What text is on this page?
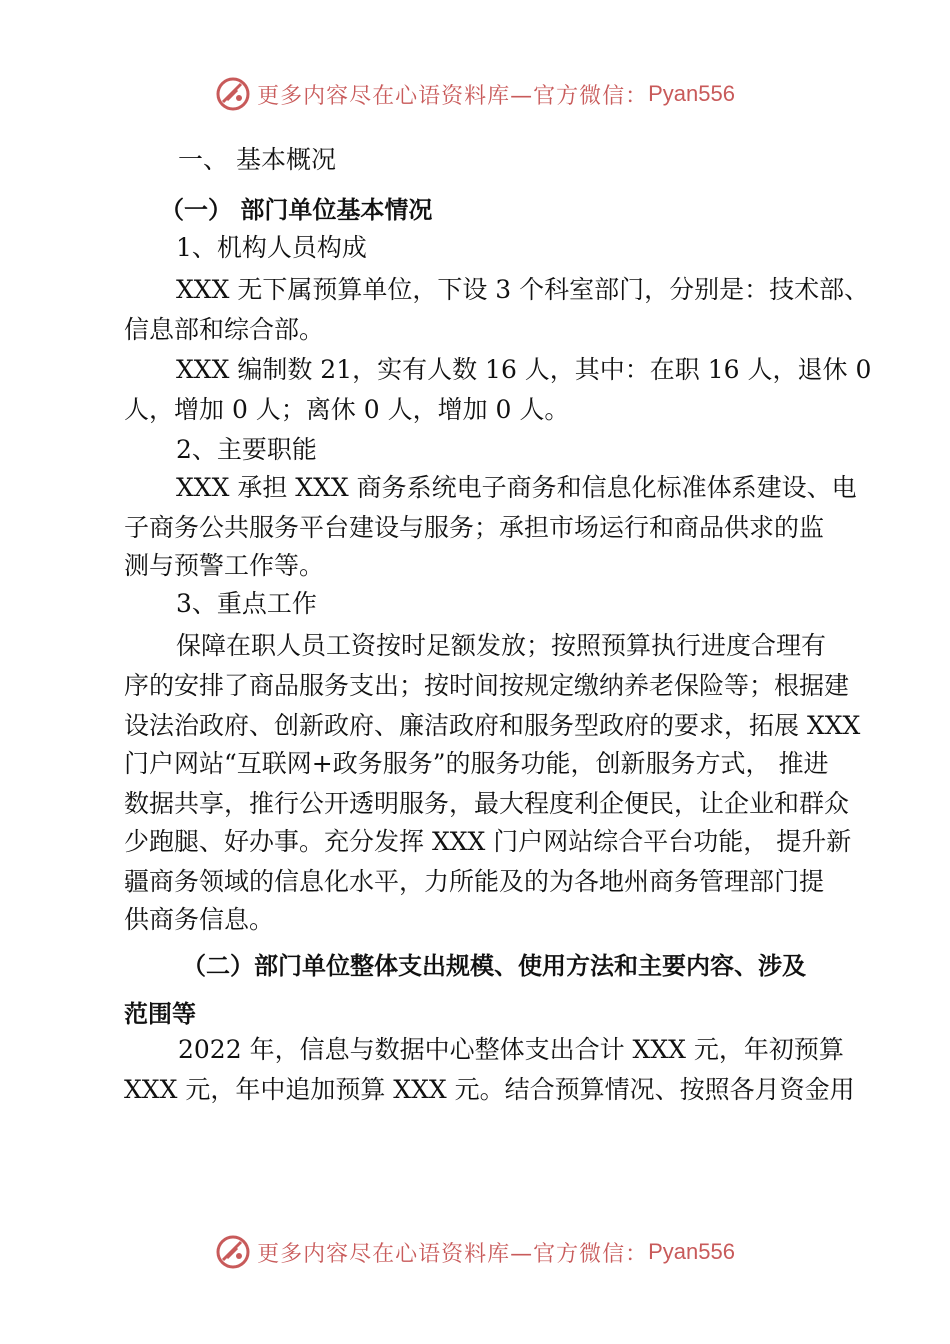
更多内容尽在心语资料库—官方微信： Pyan556
一、 基本概况
（一） 部门单位基本情况
1、机构人员构成
XXX 无下属预算单位，下设 3 个科室部门，分别是：技术部、
信息部和综合部。
XXX 编制数 21，实有人数 16 人，其中：在职 16 人，退休 0
人，增加 0 人；离休 0 人，增加 0 人。
2、主要职能
XXX 承担 XXX 商务系统电子商务和信息化标准体系建设、电
子商务公共服务平台建设与服务；承担市场运行和商品供求的监
测与预警工作等。
3、重点工作
保障在职人员工资按时足额发放；按照预算执行进度合理有
序的安排了商品服务支出；按时间按规定缴纳养老保险等；根据建
设法治政府、创新政府、廉洁政府和服务型政府的要求，拓展 XXX
门户网站“互联网+政务服务”的服务功能，创新服务方式， 推进
数据共享，推行公开透明服务，最大程度利企便民，让企业和群众
少跑腿、好办事。充分发挥 XXX 门户网站综合平台功能， 提升新
疆商务领域的信息化水平，力所能及的为各地州商务管理部门提
供商务信息。
（二）部门单位整体支出规模、使用方法和主要内容、涉及
范围等
2022 年，信息与数据中心整体支出合计 XXX 元，年初预算
XXX 元，年中追加预算 XXX 元。结合预算情况、按照各月资金用
更多内容尽在心语资料库—官方微信： Pyan556
